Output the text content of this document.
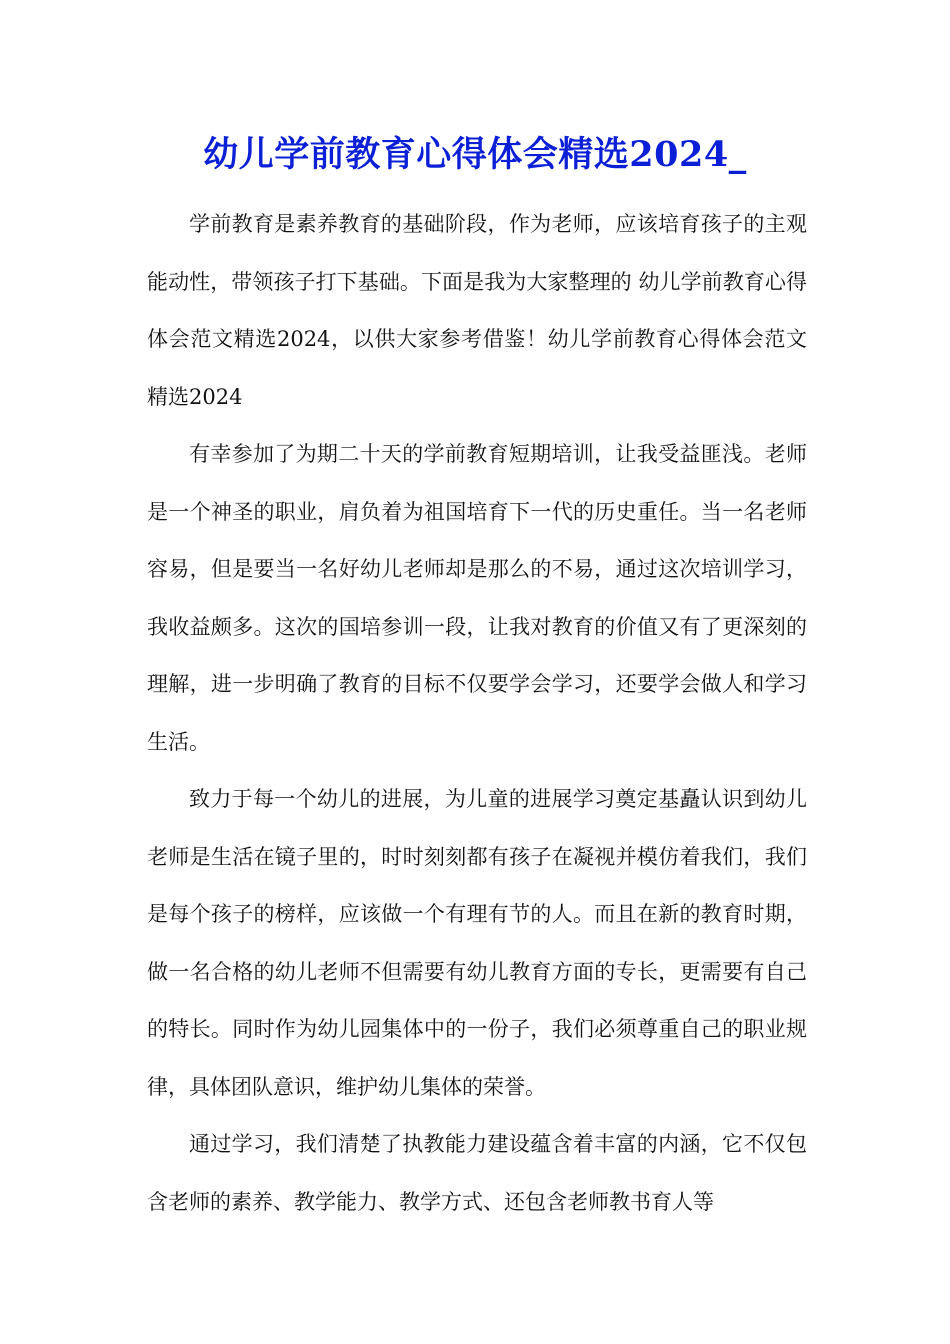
幼儿学前教育心得体会精选2024_

学前教育是素养教育的基础阶段，作为老师，应该培育孩子的主观能动性，带领孩子打下基础。下面是我为大家整理的 幼儿学前教育心得体会范文精选2024，以供大家参考借鉴！幼儿学前教育心得体会范文精选2024

有幸参加了为期二十天的学前教育短期培训，让我受益匪浅。老师是一个神圣的职业，肩负着为祖国培育下一代的历史重任。当一名老师容易，但是要当一名好幼儿老师却是那么的不易，通过这次培训学习，我收益颇多。这次的国培参训一段，让我对教育的价值又有了更深刻的理解，进一步明确了教育的目标不仅要学会学习，还要学会做人和学习生活。

致力于每一个幼儿的进展，为儿童的进展学习奠定基矗认识到幼儿老师是生活在镜子里的，时时刻刻都有孩子在凝视并模仿着我们，我们是每个孩子的榜样，应该做一个有理有节的人。而且在新的教育时期，做一名合格的幼儿老师不但需要有幼儿教育方面的专长，更需要有自己的特长。同时作为幼儿园集体中的一份子，我们必须尊重自己的职业规律，具体团队意识，维护幼儿集体的荣誉。

通过学习，我们清楚了执教能力建设蕴含着丰富的内涵，它不仅包含老师的素养、教学能力、教学方式、还包含老师教书育人等
